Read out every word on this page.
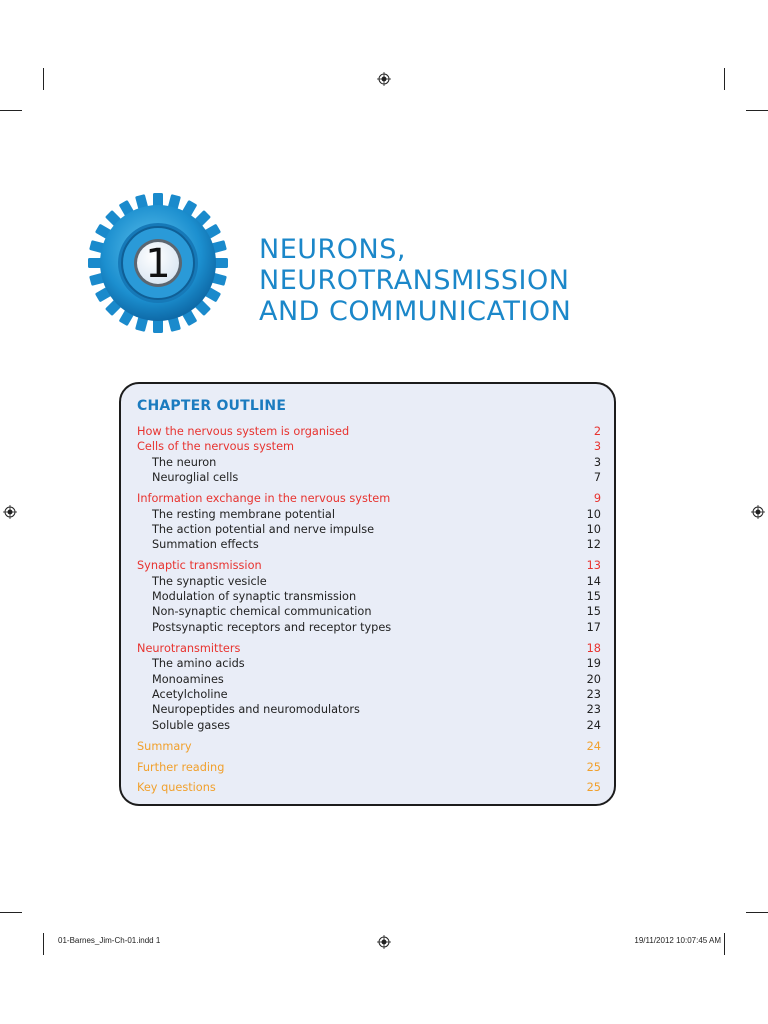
1	NEURONS,
NEUROTRANSMISSION
AND COMMUNICATION
CHAPTER OUTLINE
How the nervous system is organised	2
Cells of the nervous system	3
The neuron	3
Neuroglial cells	7
Information exchange in the nervous system	9
The resting membrane potential	10
The action potential and nerve impulse	10
Summation effects	12
Synaptic transmission	13
The synaptic vesicle	14
Modulation of synaptic transmission	15
Non-synaptic chemical communication	15
Postsynaptic receptors and receptor types	17
Neurotransmitters	18
The amino acids	19
Monoamines	20
Acetylcholine	23
Neuropeptides and neuromodulators	23
Soluble gases	24
Summary	24
Further reading	25
Key questions	25
01-Barnes_Jim-Ch-01.indd 1	19/11/2012 10:07:45 AM
